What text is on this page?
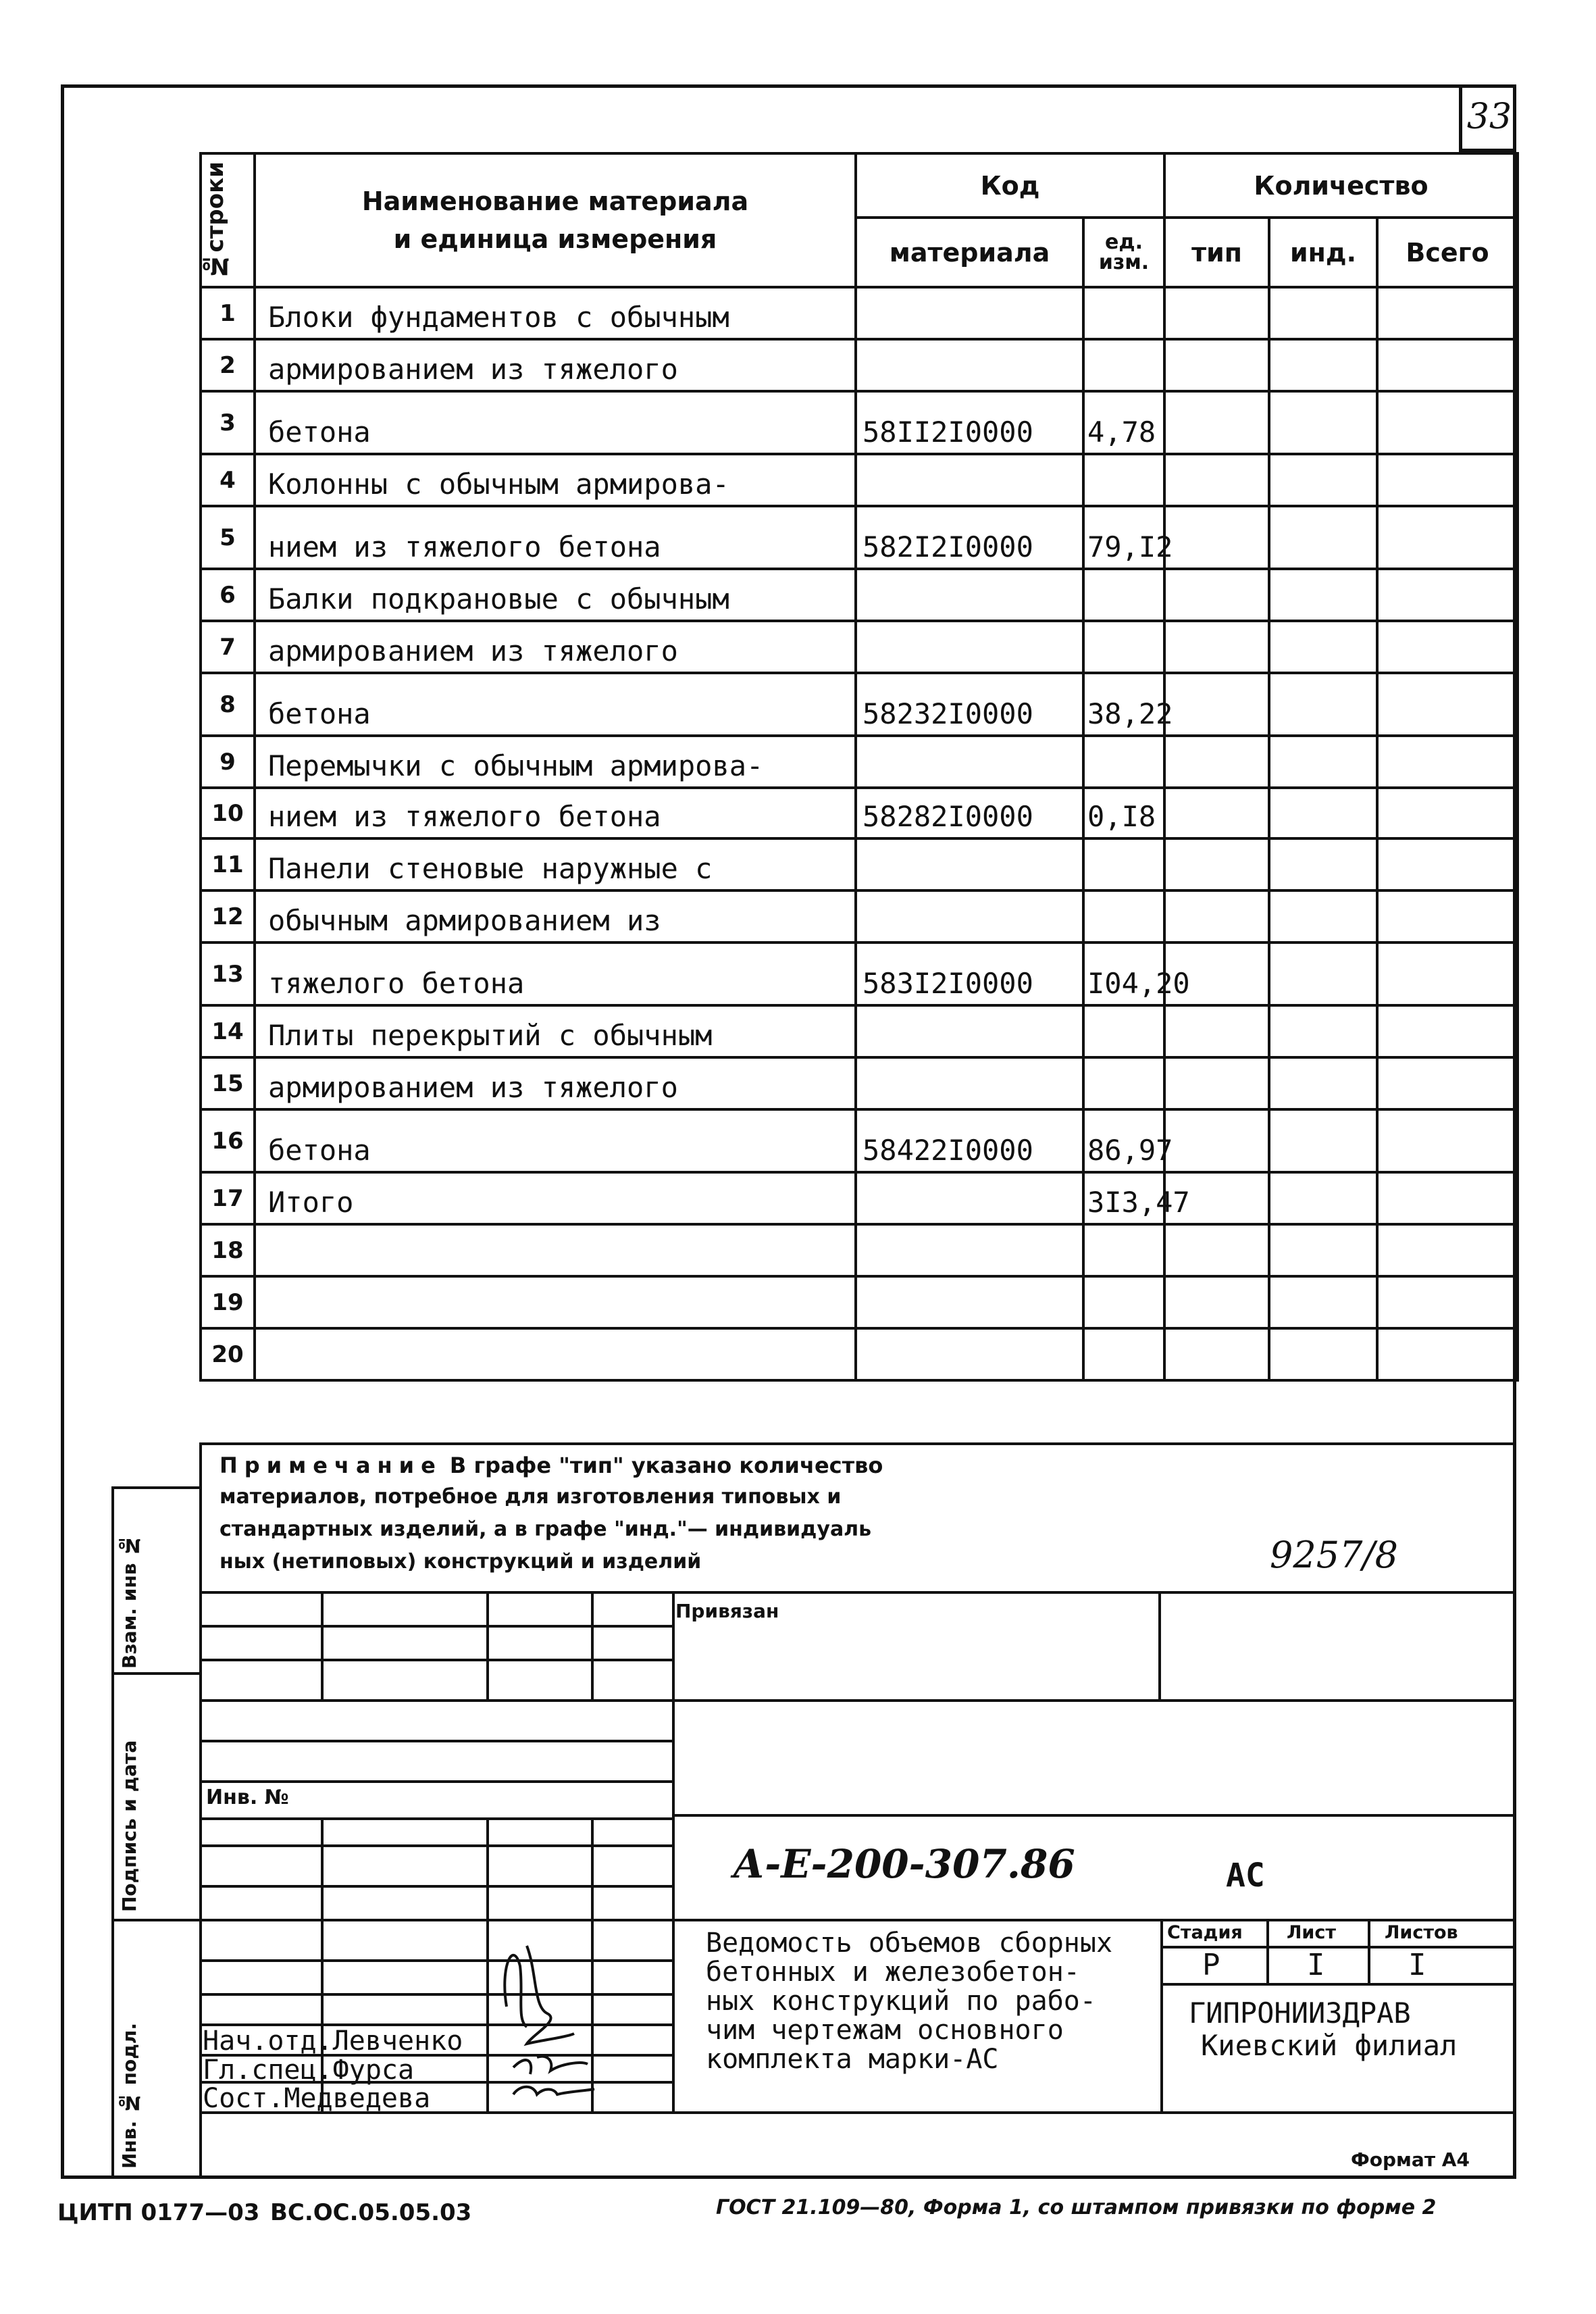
33
№строки	Наименование материала
и единица измерения	Код		Количество		
		материала	ед. изм.	тип	инд.	Всего
1	Блоки фундаментов с обычным					
2	армированием из тяжелого					
3	бетона	58II2I0000	4,78			
4	Колонны с обычным армирова-					
5	нием из тяжелого бетона	582I2I0000	79,I2			
6	Балки подкрановые с обычным					
7	армированием из тяжелого					
8	бетона	58232I0000	38,22			
9	Перемычки с обычным армирова-					
10	нием из тяжелого бетона	58282I0000	0,I8			
11	Панели стеновые наружные с					
12	обычным армированием из					
13	тяжелого бетона	583I2I0000	I04,20			
14	Плиты перекрытий с обычным					
15	армированием из тяжелого					
16	бетона	58422I0000	86,97			
17	Итого		3I3,47			
18						
19						
20						
Примечание В графе "тип" указано количество
материалов, потребное для изготовления типовых и
стандартных изделий, а в графе "инд."— индивидуаль
ных (нетиповых) конструкций и изделий	9257/8
Взам. инв №
Подпись и дата
Инв. № подл.
Привязан
Инв. №
А-Е-200-307.86	АС
Ведомость объемов сборных
бетонных и железобетон-
ных конструкций по рабо-
чим чертежам основного
комплекта марки-АС
Стадия Лист	Листов
Р	I	I
ГИПРОНИИЗДРАВ
Киевский филиал
Нач.отд.Левченко
Гл.спец.Фурса
Сост.Медведева
Формат А4
ЦИТП 0177—03 ВС.ОС.05.05.03	ГОСТ 21.109—80, Форма 1, со штампом привязки по форме 2
